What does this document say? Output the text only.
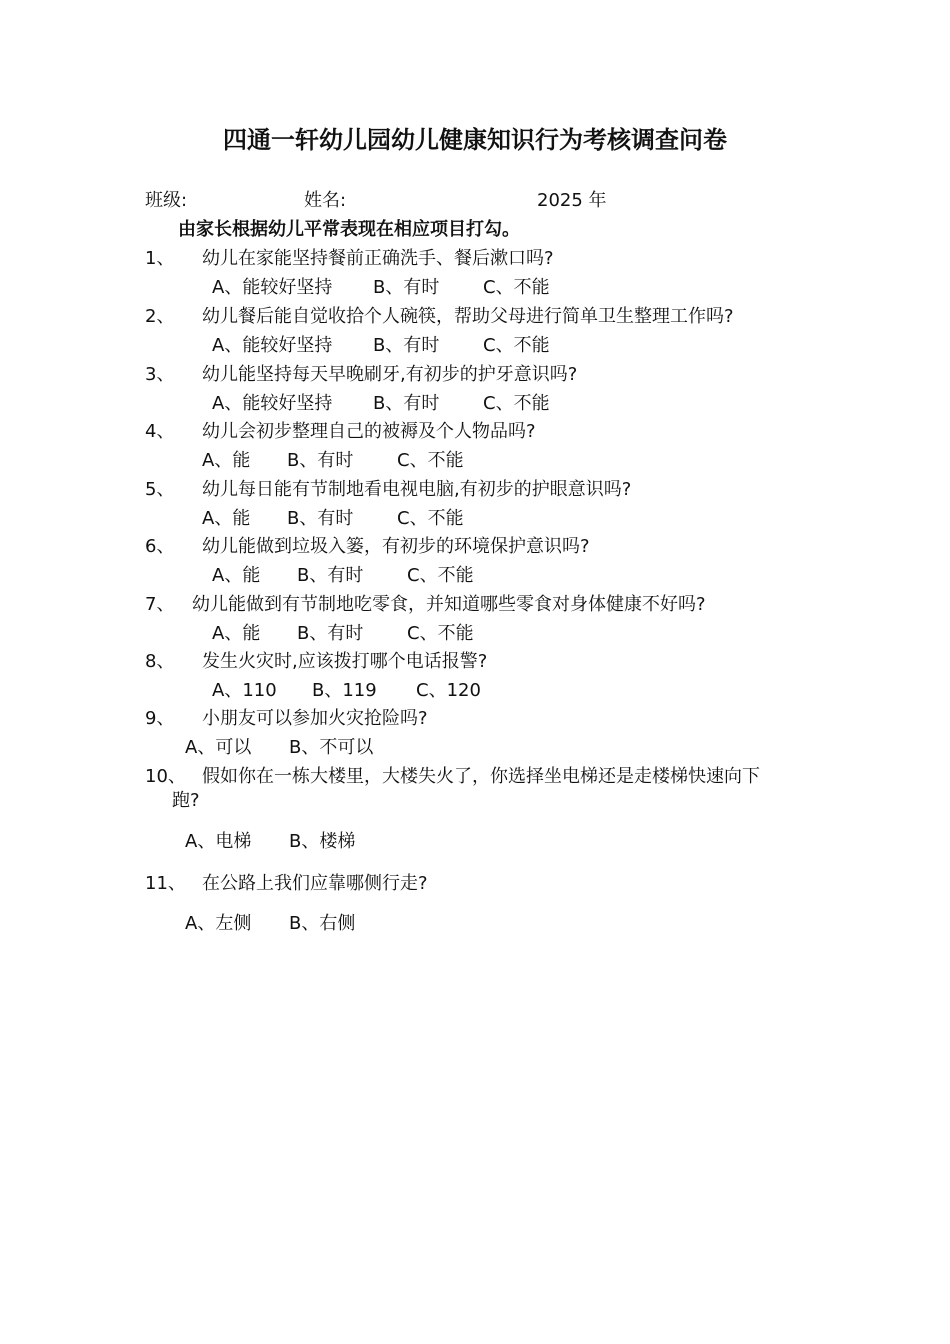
四通一轩幼儿园幼儿健康知识行为考核调查问卷
班级:	姓名:	2025 年
由家长根据幼儿平常表现在相应项目打勾。
1、 幼儿在家能坚持餐前正确洗手、餐后漱口吗?
A、能较好坚持 B、有时 C、不能
2、 幼儿餐后能自觉收拾个人碗筷，帮助父母进行简单卫生整理工作吗?
A、能较好坚持 B、有时 C、不能
3、 幼儿能坚持每天早晚刷牙,有初步的护牙意识吗?
A、能较好坚持 B、有时 C、不能
4、 幼儿会初步整理自己的被褥及个人物品吗?
A、能 B、有时 C、不能
5、 幼儿每日能有节制地看电视电脑,有初步的护眼意识吗?
A、能 B、有时 C、不能
6、 幼儿能做到垃圾入篓，有初步的环境保护意识吗?
A、能 B、有时 C、不能
7、 幼儿能做到有节制地吃零食，并知道哪些零食对身体健康不好吗?
A、能 B、有时 C、不能
8、 发生火灾时,应该拨打哪个电话报警?
A、110 B、119 C、120
9、 小朋友可以参加火灾抢险吗?
A、可以 B、不可以
10、 假如你在一栋大楼里，大楼失火了，你选择坐电梯还是走楼梯快速向下
跑?
A、电梯 B、楼梯
11、 在公路上我们应靠哪侧行走?
A、左侧 B、右侧
